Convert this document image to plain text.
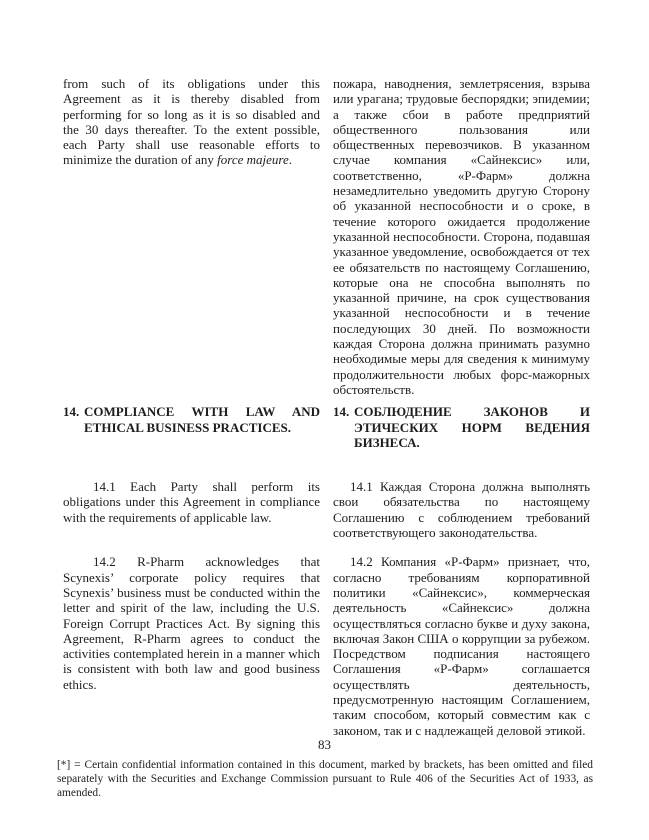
from such of its obligations under this Agreement as it is thereby disabled from performing for so long as it is so disabled and the 30 days thereafter. To the extent possible, each Party shall use reasonable efforts to minimize the duration of any force majeure.

пожара, наводнения, землетрясения, взрыва или урагана; трудовые беспорядки; эпидемии; а также сбои в работе предприятий общественного пользования или общественных перевозчиков. В указанном случае компания «Сайнексис» или, соответственно, «Р-Фарм» должна незамедлительно уведомить другую Сторону об указанной неспособности и о сроке, в течение которого ожидается продолжение указанной неспособности. Сторона, подавшая указанное уведомление, освобождается от тех ее обязательств по настоящему Соглашению, которые она не способна выполнять по указанной причине, на срок существования указанной неспособности и в течение последующих 30 дней. По возможности каждая Сторона должна принимать разумно необходимые меры для сведения к минимуму продолжительности любых форс-мажорных обстоятельств.

14. COMPLIANCE WITH LAW AND ETHICAL BUSINESS PRACTICES.
14. СОБЛЮДЕНИЕ ЗАКОНОВ И ЭТИЧЕСКИХ НОРМ ВЕДЕНИЯ БИЗНЕСА.

14.1 Each Party shall perform its obligations under this Agreement in compliance with the requirements of applicable law.

14.1 Каждая Сторона должна выполнять свои обязательства по настоящему Соглашению с соблюдением требований соответствующего законодательства.

14.2 R-Pharm acknowledges that Scynexis’ corporate policy requires that Scynexis’ business must be conducted within the letter and spirit of the law, including the U.S. Foreign Corrupt Practices Act. By signing this Agreement, R-Pharm agrees to conduct the activities contemplated herein in a manner which is consistent with both law and good business ethics.

14.2 Компания «Р-Фарм» признает, что, согласно требованиям корпоративной политики «Сайнексис», коммерческая деятельность «Сайнексис» должна осуществляться согласно букве и духу закона, включая Закон США о коррупции за рубежом. Посредством подписания настоящего Соглашения «Р-Фарм» соглашается осуществлять деятельность, предусмотренную настоящим Соглашением, таким способом, который совместим как с законом, так и с надлежащей деловой этикой.

83
[*] = Certain confidential information contained in this document, marked by brackets, has been omitted and filed separately with the Securities and Exchange Commission pursuant to Rule 406 of the Securities Act of 1933, as amended.
